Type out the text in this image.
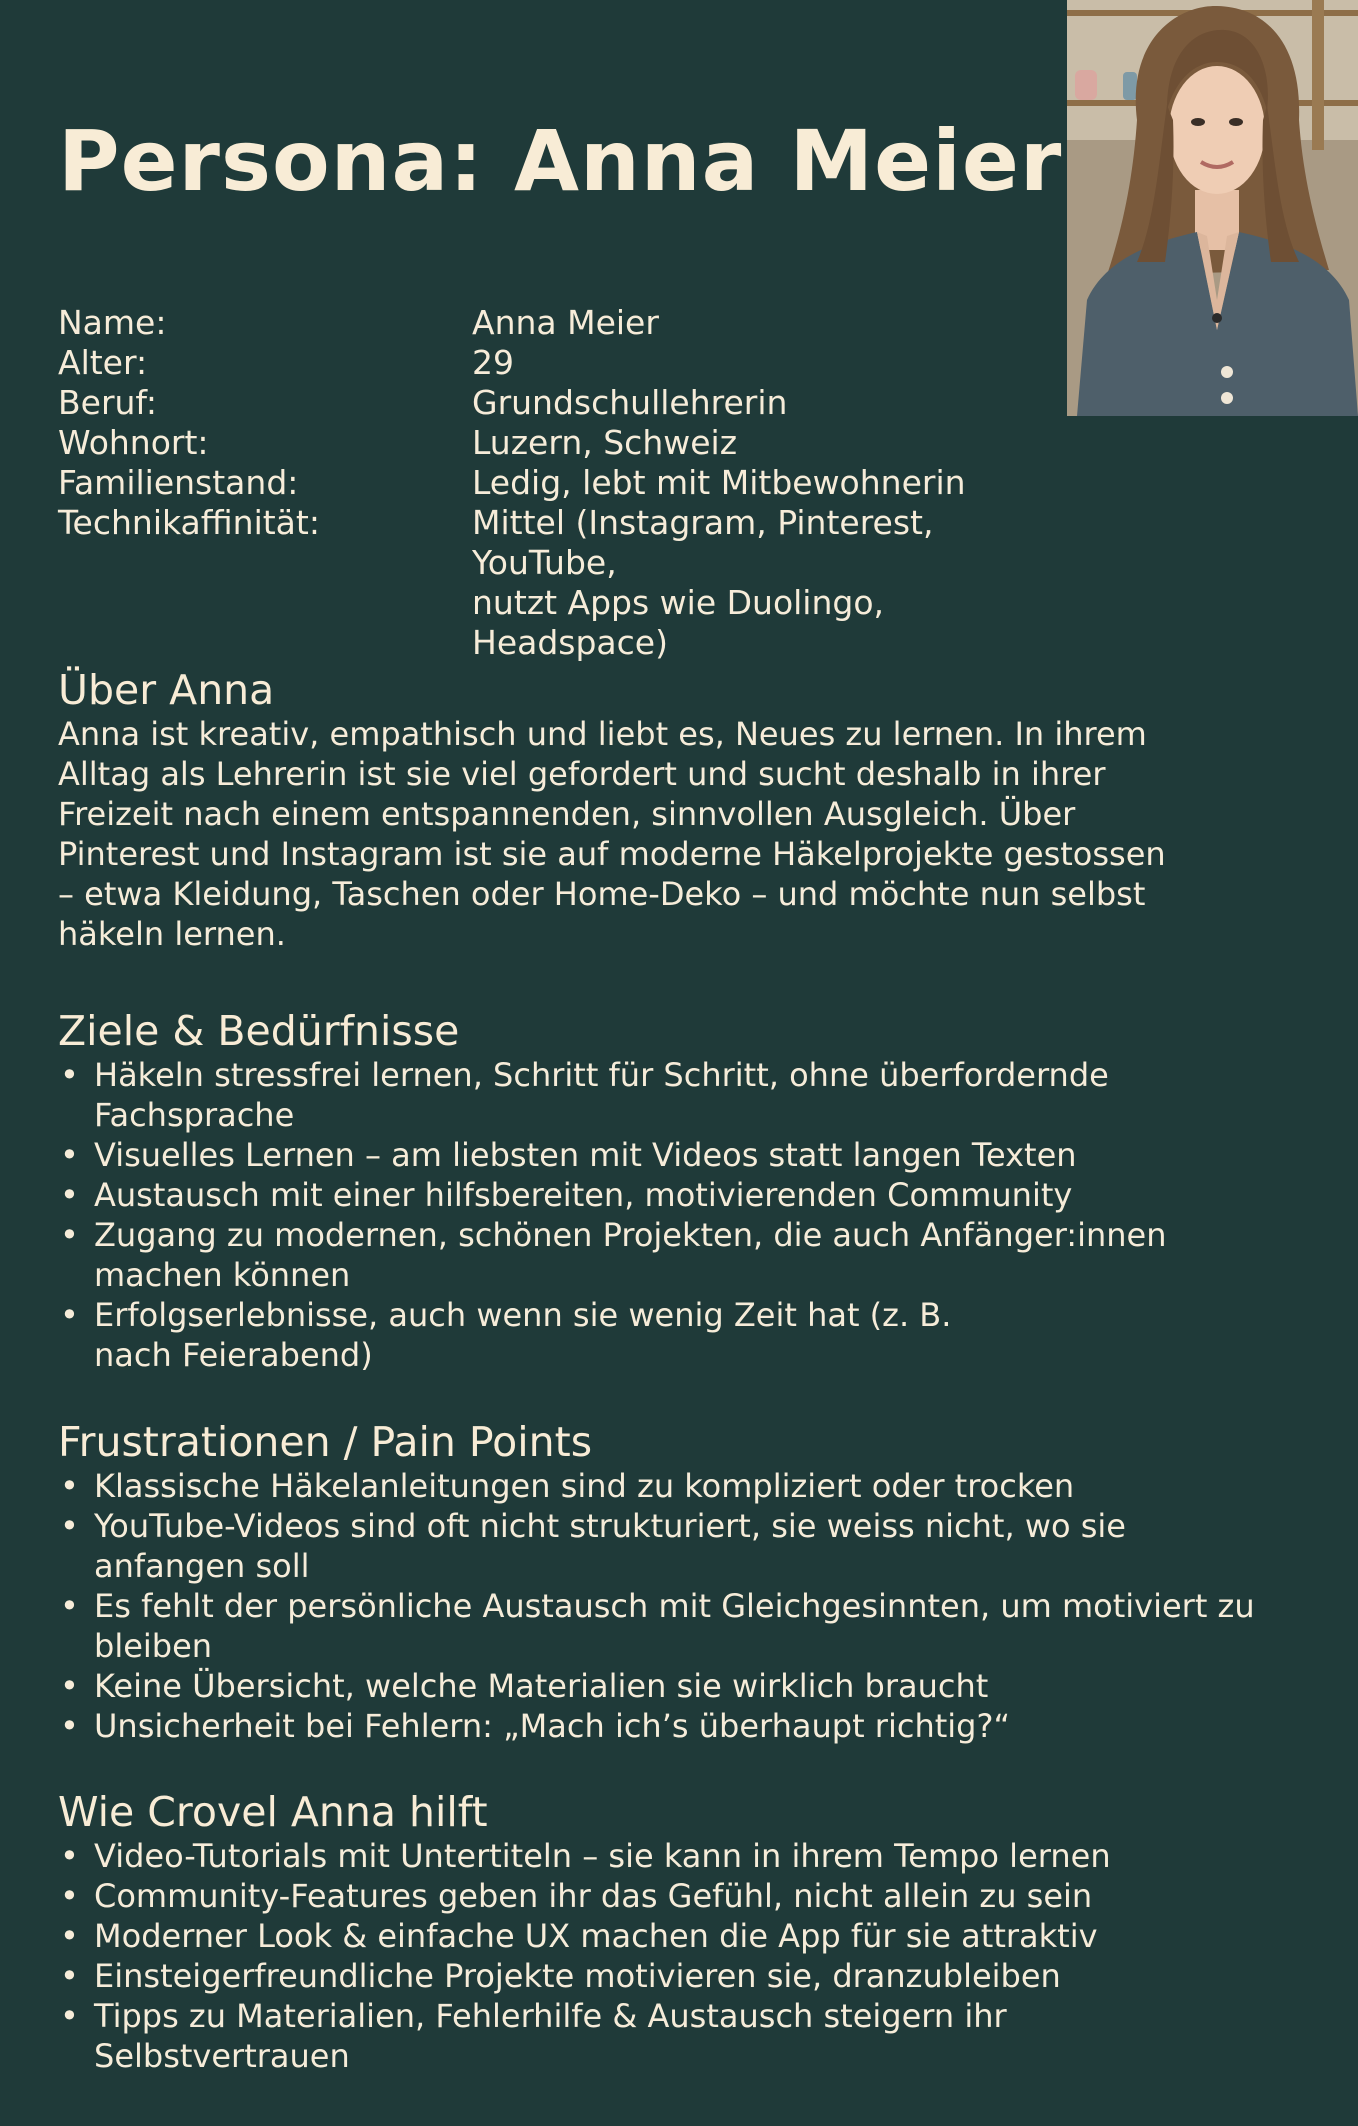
Persona: Anna Meier
Name:	Anna Meier
Alter:	29
Beruf:	Grundschullehrerin
Wohnort:	Luzern, Schweiz
Familienstand:	Ledig, lebt mit Mitbewohnerin
Technikaffinität:	Mittel (Instagram, Pinterest, YouTube,
nutzt Apps wie Duolingo, Headspace)
Über Anna

Anna ist kreativ, empathisch und liebt es, Neues zu lernen. In ihrem

Alltag als Lehrerin ist sie viel gefordert und sucht deshalb in ihrer

Freizeit nach einem entspannenden, sinnvollen Ausgleich. Über

Pinterest und Instagram ist sie auf moderne Häkelprojekte gestossen

– etwa Kleidung, Taschen oder Home-Deko – und möchte nun selbst

häkeln lernen.

Ziele & Bedürfnisse
• Häkeln stressfrei lernen, Schritt für Schritt, ohne überfordernde Fachsprache
• Visuelles Lernen – am liebsten mit Videos statt langen Texten
• Austausch mit einer hilfsbereiten, motivierenden Community
• Zugang zu modernen, schönen Projekten, die auch Anfänger:innen machen können
• Erfolgserlebnisse, auch wenn sie wenig Zeit hat (z. B. nach Feierabend)
Frustrationen / Pain Points
• Klassische Häkelanleitungen sind zu kompliziert oder trocken
• YouTube-Videos sind oft nicht strukturiert, sie weiss nicht, wo sie anfangen soll
• Es fehlt der persönliche Austausch mit Gleichgesinnten, um motiviert zu bleiben
• Keine Übersicht, welche Materialien sie wirklich braucht
• Unsicherheit bei Fehlern: „Mach ich’s überhaupt richtig?“
Wie Crovel Anna hilft
• Video-Tutorials mit Untertiteln – sie kann in ihrem Tempo lernen
• Community-Features geben ihr das Gefühl, nicht allein zu sein
• Moderner Look & einfache UX machen die App für sie attraktiv
• Einsteigerfreundliche Projekte motivieren sie, dranzubleiben
• Tipps zu Materialien, Fehlerhilfe & Austausch steigern ihr Selbstvertrauen
